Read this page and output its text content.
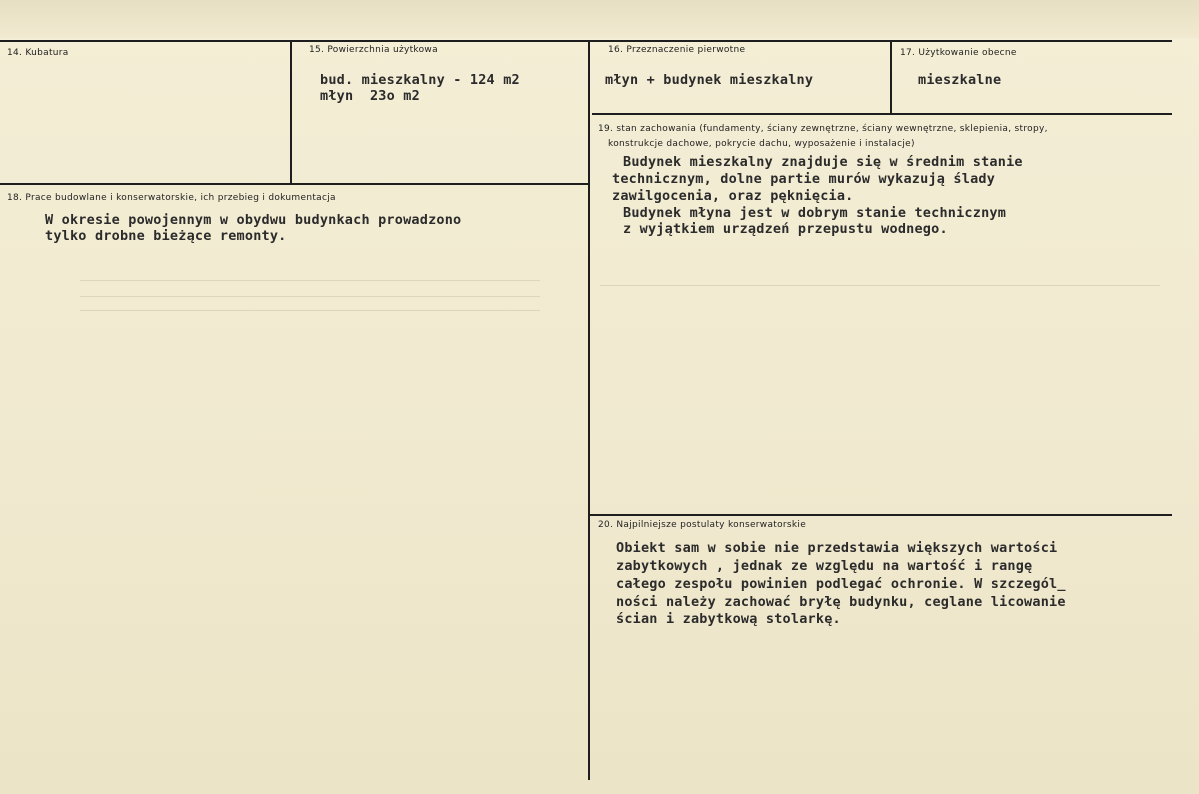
14. Kubatura	15. Powierzchnia użytkowa
bud. mieszkalny - 124 m2
młyn  23o m2
16. Przeznaczenie pierwotne
młyn + budynek mieszkalny
17. Użytkowanie obecne
mieszkalne
18. Prace budowlane i konserwatorskie, ich przebieg i dokumentacja
W okresie powojennym w obydwu budynkach prowadzono
tylko drobne bieżące remonty.
19. stan zachowania (fundamenty, ściany zewnętrzne, ściany wewnętrzne, sklepienia, stropy,
konstrukcje dachowe, pokrycie dachu, wyposażenie i instalacje)
Budynek mieszkalny znajduje się w średnim stanie
technicznym, dolne partie murów wykazują ślady
zawilgocenia, oraz pęknięcia.
Budynek młyna jest w dobrym stanie technicznym
z wyjątkiem urządzeń przepustu wodnego.
20. Najpilniejsze postulaty konserwatorskie
Obiekt sam w sobie nie przedstawia większych wartości
zabytkowych , jednak ze względu na wartość i rangę
całego zespołu powinien podlegać ochronie. W szczegól_
ności należy zachować bryłę budynku, ceglane licowanie
ścian i zabytkową stolarkę.
